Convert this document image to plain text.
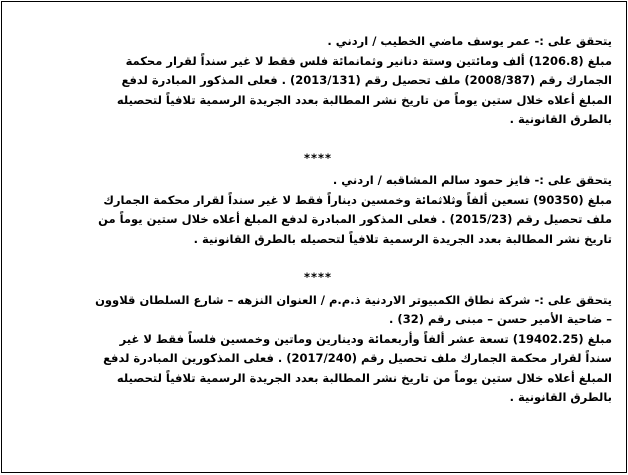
يتحقق على :- عمر يوسف ماضي الخطيب / اردني .
مبلغ (1206.8) ألف ومائتين وستة دنانير وثمانمائة فلس فقط لا غير سنداً لقرار محكمة
الجمارك رقم (2008/387) ملف تحصيل رقم (2013/131) . فعلى المذكور المبادرة لدفع
المبلغ أعلاه خلال ستين يوماً من تاريخ نشر المطالبة بعدد الجريدة الرسمية تلافياً لتحصيله
بالطرق القانونية .
****
يتحقق على :- فايز حمود سالم المشاقبه / اردني .
مبلغ (90350) تسعين ألفاً وثلاثمائة وخمسين ديناراً فقط لا غير سنداً لقرار محكمة الجمارك
ملف تحصيل رقم (2015/23) . فعلى المذكور المبادرة لدفع المبلغ أعلاه خلال ستين يوماً من
تاريخ نشر المطالبة بعدد الجريدة الرسمية تلافياً لتحصيله بالطرق القانونية .
****
يتحقق على :- شركة نطاق الكمبيوتر الاردنية ذ.م.م / العنوان النزهه – شارع السلطان قلاوون
– ضاحية الأمير حسن – مبنى رقم (32) .
مبلغ (19402.25) تسعة عشر ألفاً وأربعمائة ودينارين وماتين وخمسين فلساً فقط لا غير
سنداً لقرار محكمة الجمارك ملف تحصيل رقم (2017/240) . فعلى المذكورين المبادرة لدفع
المبلغ أعلاه خلال ستين يوماً من تاريخ نشر المطالبة بعدد الجريدة الرسمية تلافياً لتحصيله
بالطرق القانونية .
